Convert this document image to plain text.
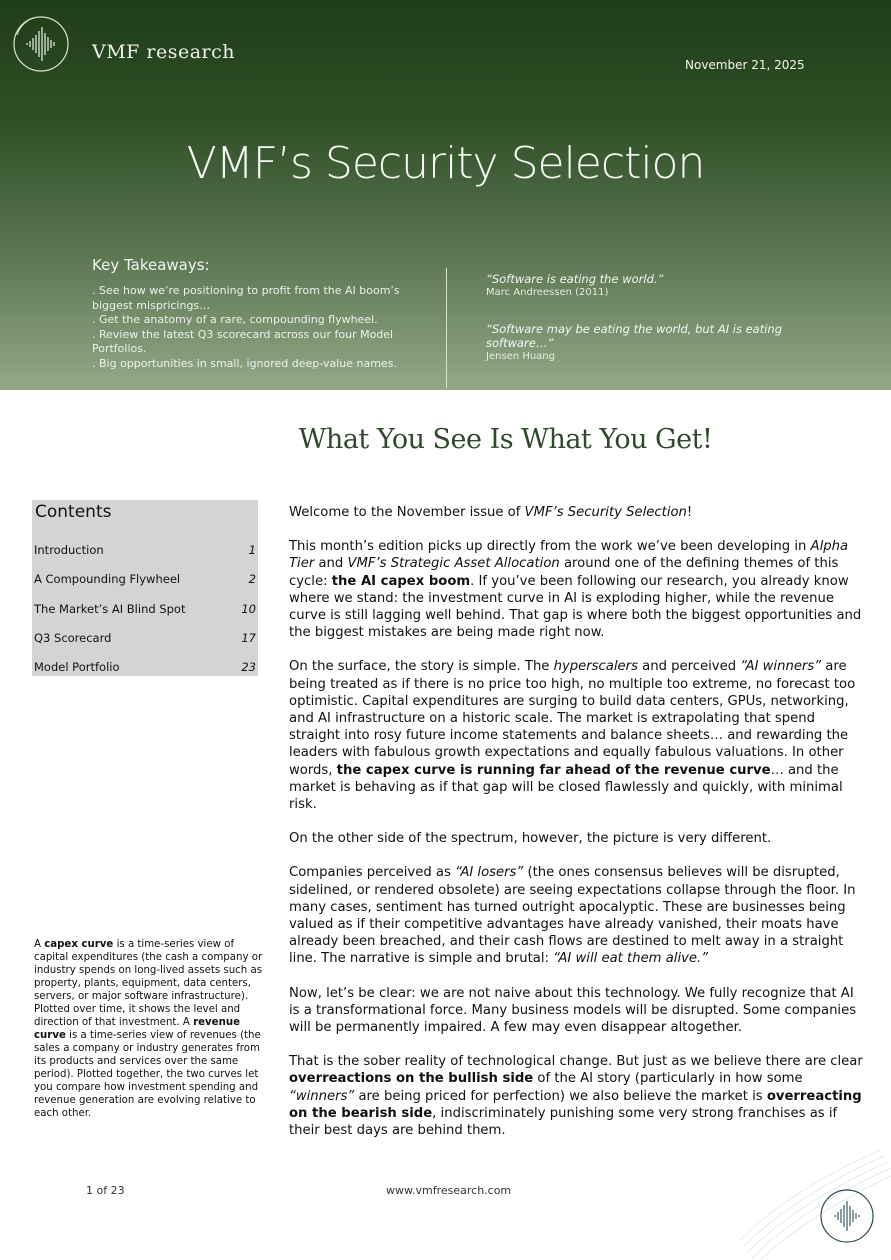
VMF research
November 21, 2025
VMF’s Security Selection
Key Takeaways:
. See how we’re positioning to profit from the AI boom’s biggest mispricings…
. Get the anatomy of a rare, compounding flywheel.
. Review the latest Q3 scorecard across our four Model Portfolios.
. Big opportunities in small, ignored deep-value names.
“Software is eating the world.”
Marc Andreessen (2011)
“Software may be eating the world, but AI is eating software…”
Jensen Huang
What You See Is What You Get!
Contents
Introduction	1
A Compounding Flywheel	2
The Market’s AI Blind Spot	10
Q3 Scorecard	17
Model Portfolio	23
A capex curve is a time-series view of capital expenditures (the cash a company or industry spends on long-lived assets such as property, plants, equipment, data centers, servers, or major software infrastructure). Plotted over time, it shows the level and direction of that investment. A revenue curve is a time-series view of revenues (the sales a company or industry generates from its products and services over the same period). Plotted together, the two curves let you compare how investment spending and revenue generation are evolving relative to each other.

Welcome to the November issue of VMF’s Security Selection!

This month’s edition picks up directly from the work we’ve been developing in Alpha Tier and VMF’s Strategic Asset Allocation around one of the defining themes of this cycle: the AI capex boom. If you’ve been following our research, you already know where we stand: the investment curve in AI is exploding higher, while the revenue curve is still lagging well behind. That gap is where both the biggest opportunities and the biggest mistakes are being made right now.

On the surface, the story is simple. The hyperscalers and perceived “AI winners” are being treated as if there is no price too high, no multiple too extreme, no forecast too optimistic. Capital expenditures are surging to build data centers, GPUs, networking, and AI infrastructure on a historic scale. The market is extrapolating that spend straight into rosy future income statements and balance sheets… and rewarding the leaders with fabulous growth expectations and equally fabulous valuations. In other words, the capex curve is running far ahead of the revenue curve… and the market is behaving as if that gap will be closed flawlessly and quickly, with minimal risk.

On the other side of the spectrum, however, the picture is very different.

Companies perceived as “AI losers” (the ones consensus believes will be disrupted, sidelined, or rendered obsolete) are seeing expectations collapse through the floor. In many cases, sentiment has turned outright apocalyptic. These are businesses being valued as if their competitive advantages have already vanished, their moats have already been breached, and their cash flows are destined to melt away in a straight line. The narrative is simple and brutal: “AI will eat them alive.”

Now, let’s be clear: we are not naive about this technology. We fully recognize that AI is a transformational force. Many business models will be disrupted. Some companies will be permanently impaired. A few may even disappear altogether.

That is the sober reality of technological change. But just as we believe there are clear overreactions on the bullish side of the AI story (particularly in how some “winners” are being priced for perfection) we also believe the market is overreacting on the bearish side, indiscriminately punishing some very strong franchises as if their best days are behind them.

1 of 23	www.vmfresearch.com
